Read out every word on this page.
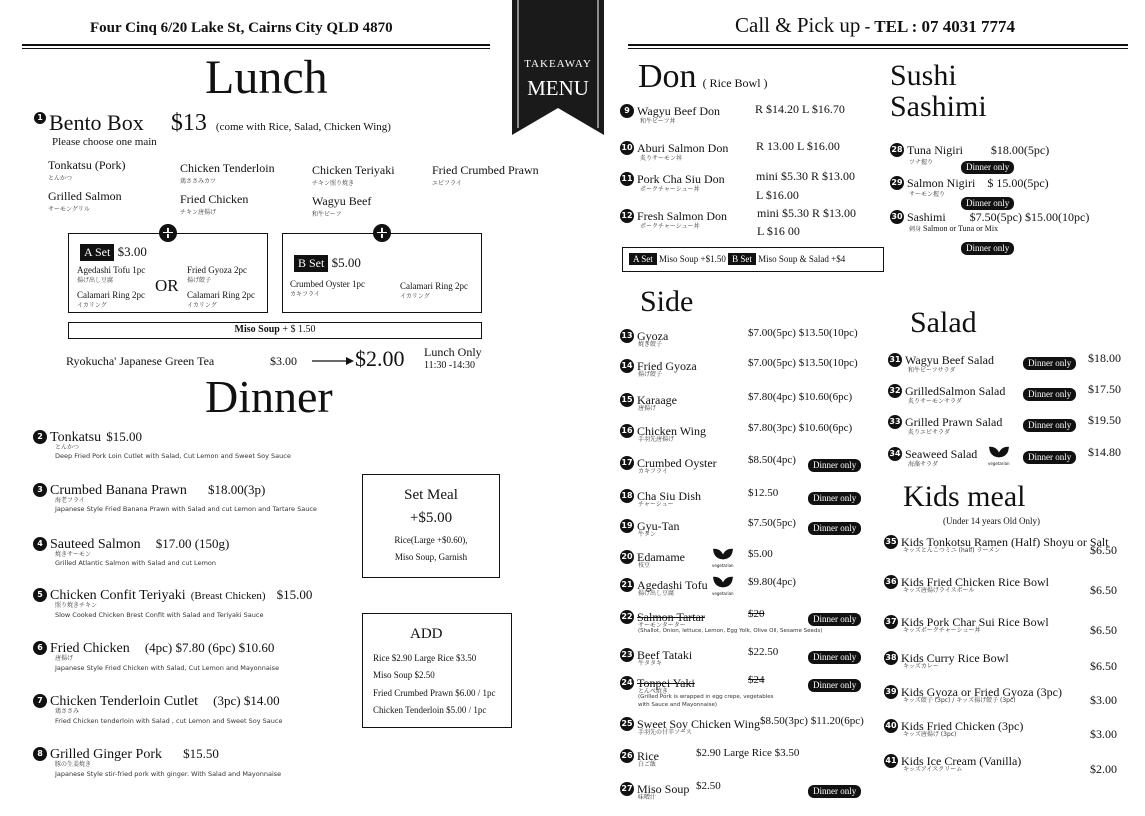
Four Cinq 6/20 Lake St, Cairns City QLD 4870
TAKEAWAY
MENU
Call & Pick up - TEL : 07 4031 7774
Lunch
1 Bento Box $13 (come with Rice, Salad, Chicken Wing)
Please choose one main
Tonkatsu (Pork)
とんかつ
Chicken Tenderloin
鶏ささみカツ
Chicken Teriyaki
チキン照り焼き
Fried Crumbed Prawn
エビフライ
Grilled Salmon
サーモングリル
Fried Chicken
チキン唐揚げ
Wagyu Beef
和牛ビーフ
+
A Set $3.00
Agedashi Tofu 1pc
揚げ出し豆腐
Fried Gyoza 2pc
揚げ餃子
OR
Calamari Ring 2pc
イカリング
Calamari Ring 2pc
イカリング
+
B Set $5.00
Crumbed Oyster 1pc
カキフライ
Calamari Ring 2pc
イカリング
Miso Soup + $ 1.50
Ryokucha' Japanese Green Tea	$3.00	$2.00 Lunch Only
11:30 -14:30
Dinner
2 Tonkatsu $15.00
とんかつ
Deep Fried Pork Loin Cutlet with Salad, Cut Lemon and Sweet Soy Sauce
3 Crumbed Banana Prawn $18.00(3p)
海老フライ
Japanese Style Fried Banana Prawn with Salad and cut Lemon and Tartare Sauce
4 Sauteed Salmon $17.00 (150g)
焼きサーモン
Grilled Atlantic Salmon with Salad and cut Lemon
5 Chicken Confit Teriyaki (Breast Chicken) $15.00
照り焼きチキン
Slow Cooked Chicken Brest Confit with Salad and Teriyaki Sauce
6 Fried Chicken (4pc) $7.80 (6pc) $10.60
唐揚げ
Japanese Style Fried Chicken with Salad, Cut Lemon and Mayonnaise
7 Chicken Tenderloin Cutlet (3pc) $14.00
鶏ささみ
Fried Chicken tenderloin with Salad , cut Lemon and Sweet Soy Sauce
8 Grilled Ginger Pork $15.50
豚の生姜焼き
Japanese Style stir-fried pork with ginger. With Salad and Mayonnaise
Set Meal
+$5.00
Rice(Large +$0.60),
Miso Soup, Garnish
ADD
Rice $2.90 Large Rice $3.50
Miso Soup $2.50
Fried Crumbed Prawn $6.00 / 1pc
Chicken Tenderloin $5.00 / 1pc
Don ( Rice Bowl )
9 Wagyu Beef Don
和牛ビーフ丼
R $14.20 L $16.70
10 Aburi Salmon Don
炙りサーモン丼
R 13.00 L $16.00
11 Pork Cha Siu Don
ポークチャーシュー丼
mini $5.30 R $13.00
L $16.00
12 Fresh Salmon Don
ポークチャーシュー丼
mini $5.30 R $13.00
L $16 00
A Set Miso Soup +$1.50 B Set Miso Soup & Salad +$4
Sushi
Sashimi
28 Tuna Nigiri $18.00(5pc)
ツナ握り	Dinner only
29 Salmon Nigiri $ 15.00(5pc)
サーモン握り
Dinner only
30 Sashimi $7.50(5pc) $15.00(10pc)
刺身 Salmon or Tuna or Mix
Dinner only
Side
13 Gyoza
焼き餃子
$7.00(5pc) $13.50(10pc)
14 Fried Gyoza
揚げ餃子
$7.00(5pc) $13.50(10pc)
15 Karaage
唐揚げ
$7.80(4pc) $10.60(6pc)
16 Chicken Wing
手羽先唐揚げ
$7.80(3pc) $10.60(6pc)
17 Crumbed Oyster
カキフライ
$8.50(4pc)	Dinner only
18 Cha Siu Dish
チャーシュー
$12.50	Dinner only
19 Gyu-Tan
牛タン
$7.50(5pc)	Dinner only
20 Edamame
枝豆
$5.00
vegetarian
21 Agedashi Tofu
揚げ出し豆腐
$9.80(4pc)
vegetarian
22 Salmon Tartar
サーモンターター
$20	Dinner only
(Shallot, Onion, lettuce, Lemon, Egg Yolk, Olive Oil, Sesame Seeds)
23 Beef Tataki
牛タタキ
$22.50	Dinner only
24 Tonpei Yaki
とんぺ焼き
$24	Dinner only
(Grilled Pork is wrapped in egg crepe, vegetables
with Sauce and Mayonnaise)
25 Sweet Soy Chicken Wing
手羽先の甘辛ソース
$8.50(3pc) $11.20(6pc)
26 Rice
白ご飯
$2.90 Large Rice $3.50
27 Miso Soup
味噌汁
$2.50	Dinner only
Salad
31 Wagyu Beef Salad
和牛ビーフサラダ
Dinner only	$18.00
32 GrilledSalmon Salad
炙りサーモンサラダ
Dinner only	$17.50
33 Grilled Prawn Salad
炙りエビサラダ
Dinner only	$19.50
34 Seaweed Salad
海藻サラダ
Dinner only	$14.80
vegetarian
Kids meal
(Under 14 years Old Only)
35 Kids Tonkotsu Ramen (Half) Shoyu or Salt
キッズとんこつミニ (half) ラーメン	$6.50
36 Kids Fried Chicken Rice Bowl
キッズ唐揚げライスボール	$6.50
37 Kids Pork Char Sui Rice Bowl
キッズポークチャーシュー丼	$6.50
38 Kids Curry Rice Bowl
キッズカレー	$6.50
39 Kids Gyoza or Fried Gyoza (3pc)
キッズ餃子 (3pc) / キッズ揚げ餃子 (3pc)	$3.00
40 Kids Fried Chicken (3pc)
キッズ唐揚げ (3pc)	$3.00
41 Kids Ice Cream (Vanilla)
キッズアイスクリーム	$2.00
